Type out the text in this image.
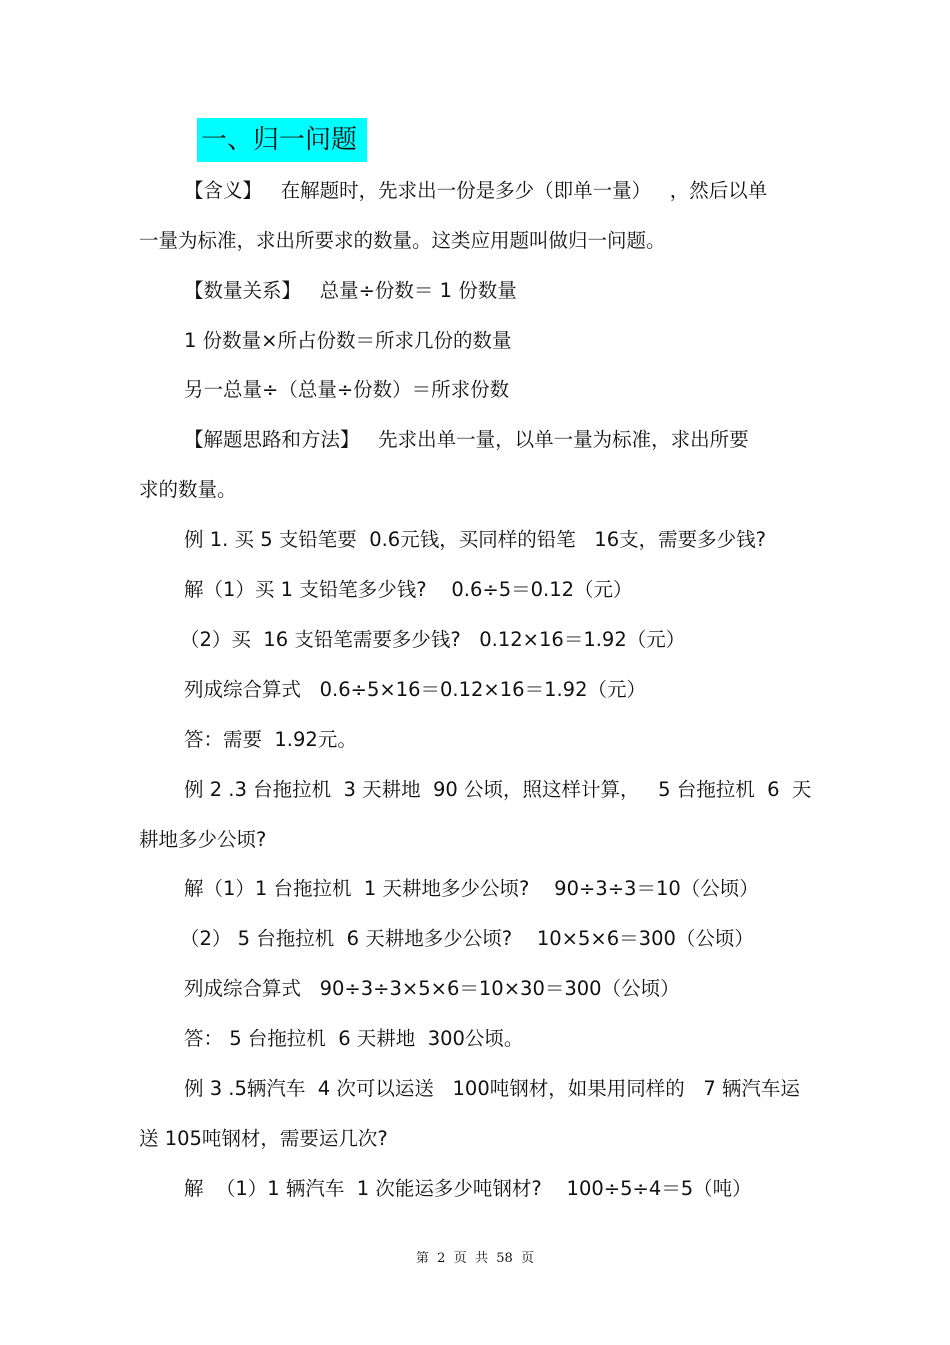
一、归一问题
【含义】   在解题时，先求出一份是多少（即单一量）   ，然后以单
一量为标准，求出所要求的数量。这类应用题叫做归一问题。
【数量关系】   总量÷份数＝ 1 份数量
1 份数量×所占份数＝所求几份的数量
另一总量÷（总量÷份数）＝所求份数
【解题思路和方法】   先求出单一量，以单一量为标准，求出所要
求的数量。
例 1. 买 5 支铅笔要  0.6元钱，买同样的铅笔   16支，需要多少钱?
解（1）买 1 支铅笔多少钱?    0.6÷5＝0.12（元）
（2）买  16 支铅笔需要多少钱?   0.12×16＝1.92（元）
列成综合算式   0.6÷5×16＝0.12×16＝1.92（元）
答：需要  1.92元。
例 2 .3 台拖拉机  3 天耕地  90 公顷，照这样计算，   5 台拖拉机  6  天
耕地多少公顷?
解（1）1 台拖拉机  1 天耕地多少公顷?    90÷3÷3＝10（公顷）
（2） 5 台拖拉机  6 天耕地多少公顷?    10×5×6＝300（公顷）
列成综合算式   90÷3÷3×5×6＝10×30＝300（公顷）
答： 5 台拖拉机  6 天耕地  300公顷。
例 3 .5辆汽车  4 次可以运送   100吨钢材，如果用同样的   7 辆汽车运
送 105吨钢材，需要运几次?
解  （1）1 辆汽车  1 次能运多少吨钢材?    100÷5÷4＝5（吨）
第  2  页  共  58  页
